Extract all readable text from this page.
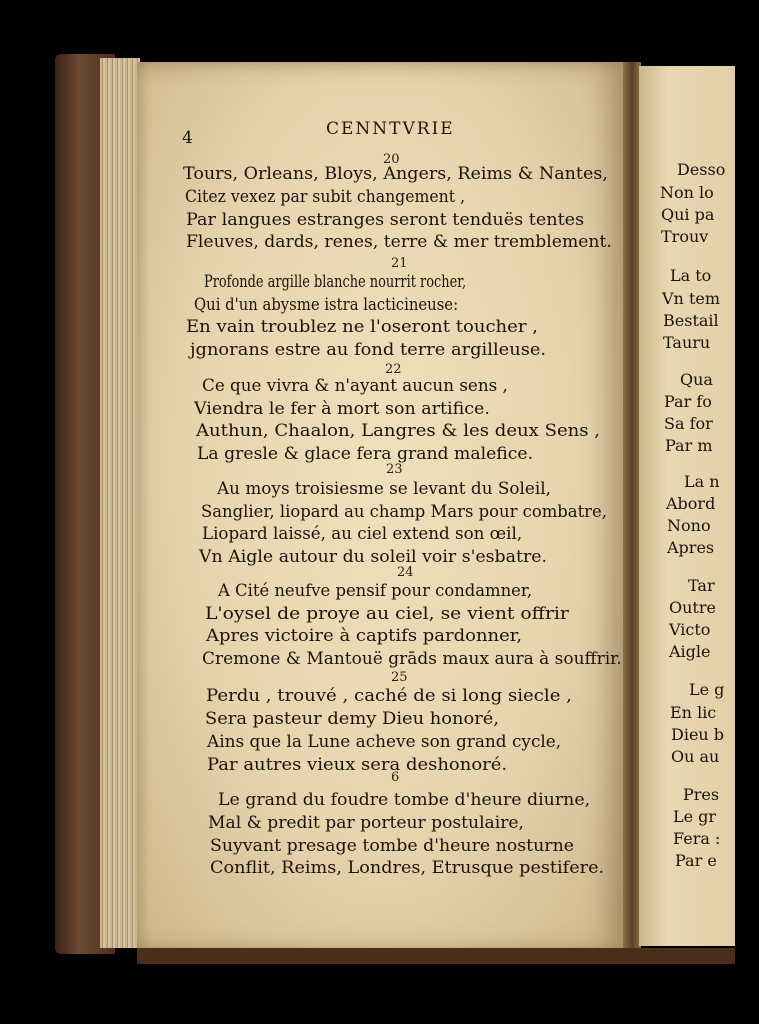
4	CENNTVRIE
20
Tours, Orleans, Bloys, Angers, Reims & Nantes,
Citez vexez par subit changement ,
Par langues estranges seront tenduës tentes
Fleuves, dards, renes, terre & mer tremblement.
21
Profonde argille blanche nourrit rocher,
Qui d'un abysme istra lacticineuse:
En vain troublez ne l'oseront toucher ,
jgnorans estre au fond terre argilleuse.
22
Ce que vivra & n'ayant aucun sens ,
Viendra le fer à mort son artifice.
Authun, Chaalon, Langres & les deux Sens ,
La gresle & glace fera grand malefice.
23
Au moys troisiesme se levant du Soleil,
Sanglier, liopard au champ Mars pour combatre,
Liopard laissé, au ciel extend son œil,
Vn Aigle autour du soleil voir s'esbatre.
24
A Cité neufve pensif pour condamner,
L'oysel de proye au ciel, se vient offrir
Apres victoire à captifs pardonner,
Cremone & Mantouë grāds maux aura à souffrir.
25
Perdu , trouvé , caché de si long siecle ,
Sera pasteur demy Dieu honoré,
Ains que la Lune acheve son grand cycle,
Par autres vieux sera deshonoré.
6
Le grand du foudre tombe d'heure diurne,
Mal & predit par porteur postulaire,
Suyvant presage tombe d'heure nosturne
Conflit, Reims, Londres, Etrusque pestifere.
Desso
Non lo
Qui pa
Trouv
La to
Vn tem
Bestail
Tauru
Qua
Par fo
Sa for
Par m
La n
Abord
Nono
Apres
Tar
Outre
Victo
Aigle
Le g
En lic
Dieu b
Ou au
Pres
Le gr
Fera :
Par e
